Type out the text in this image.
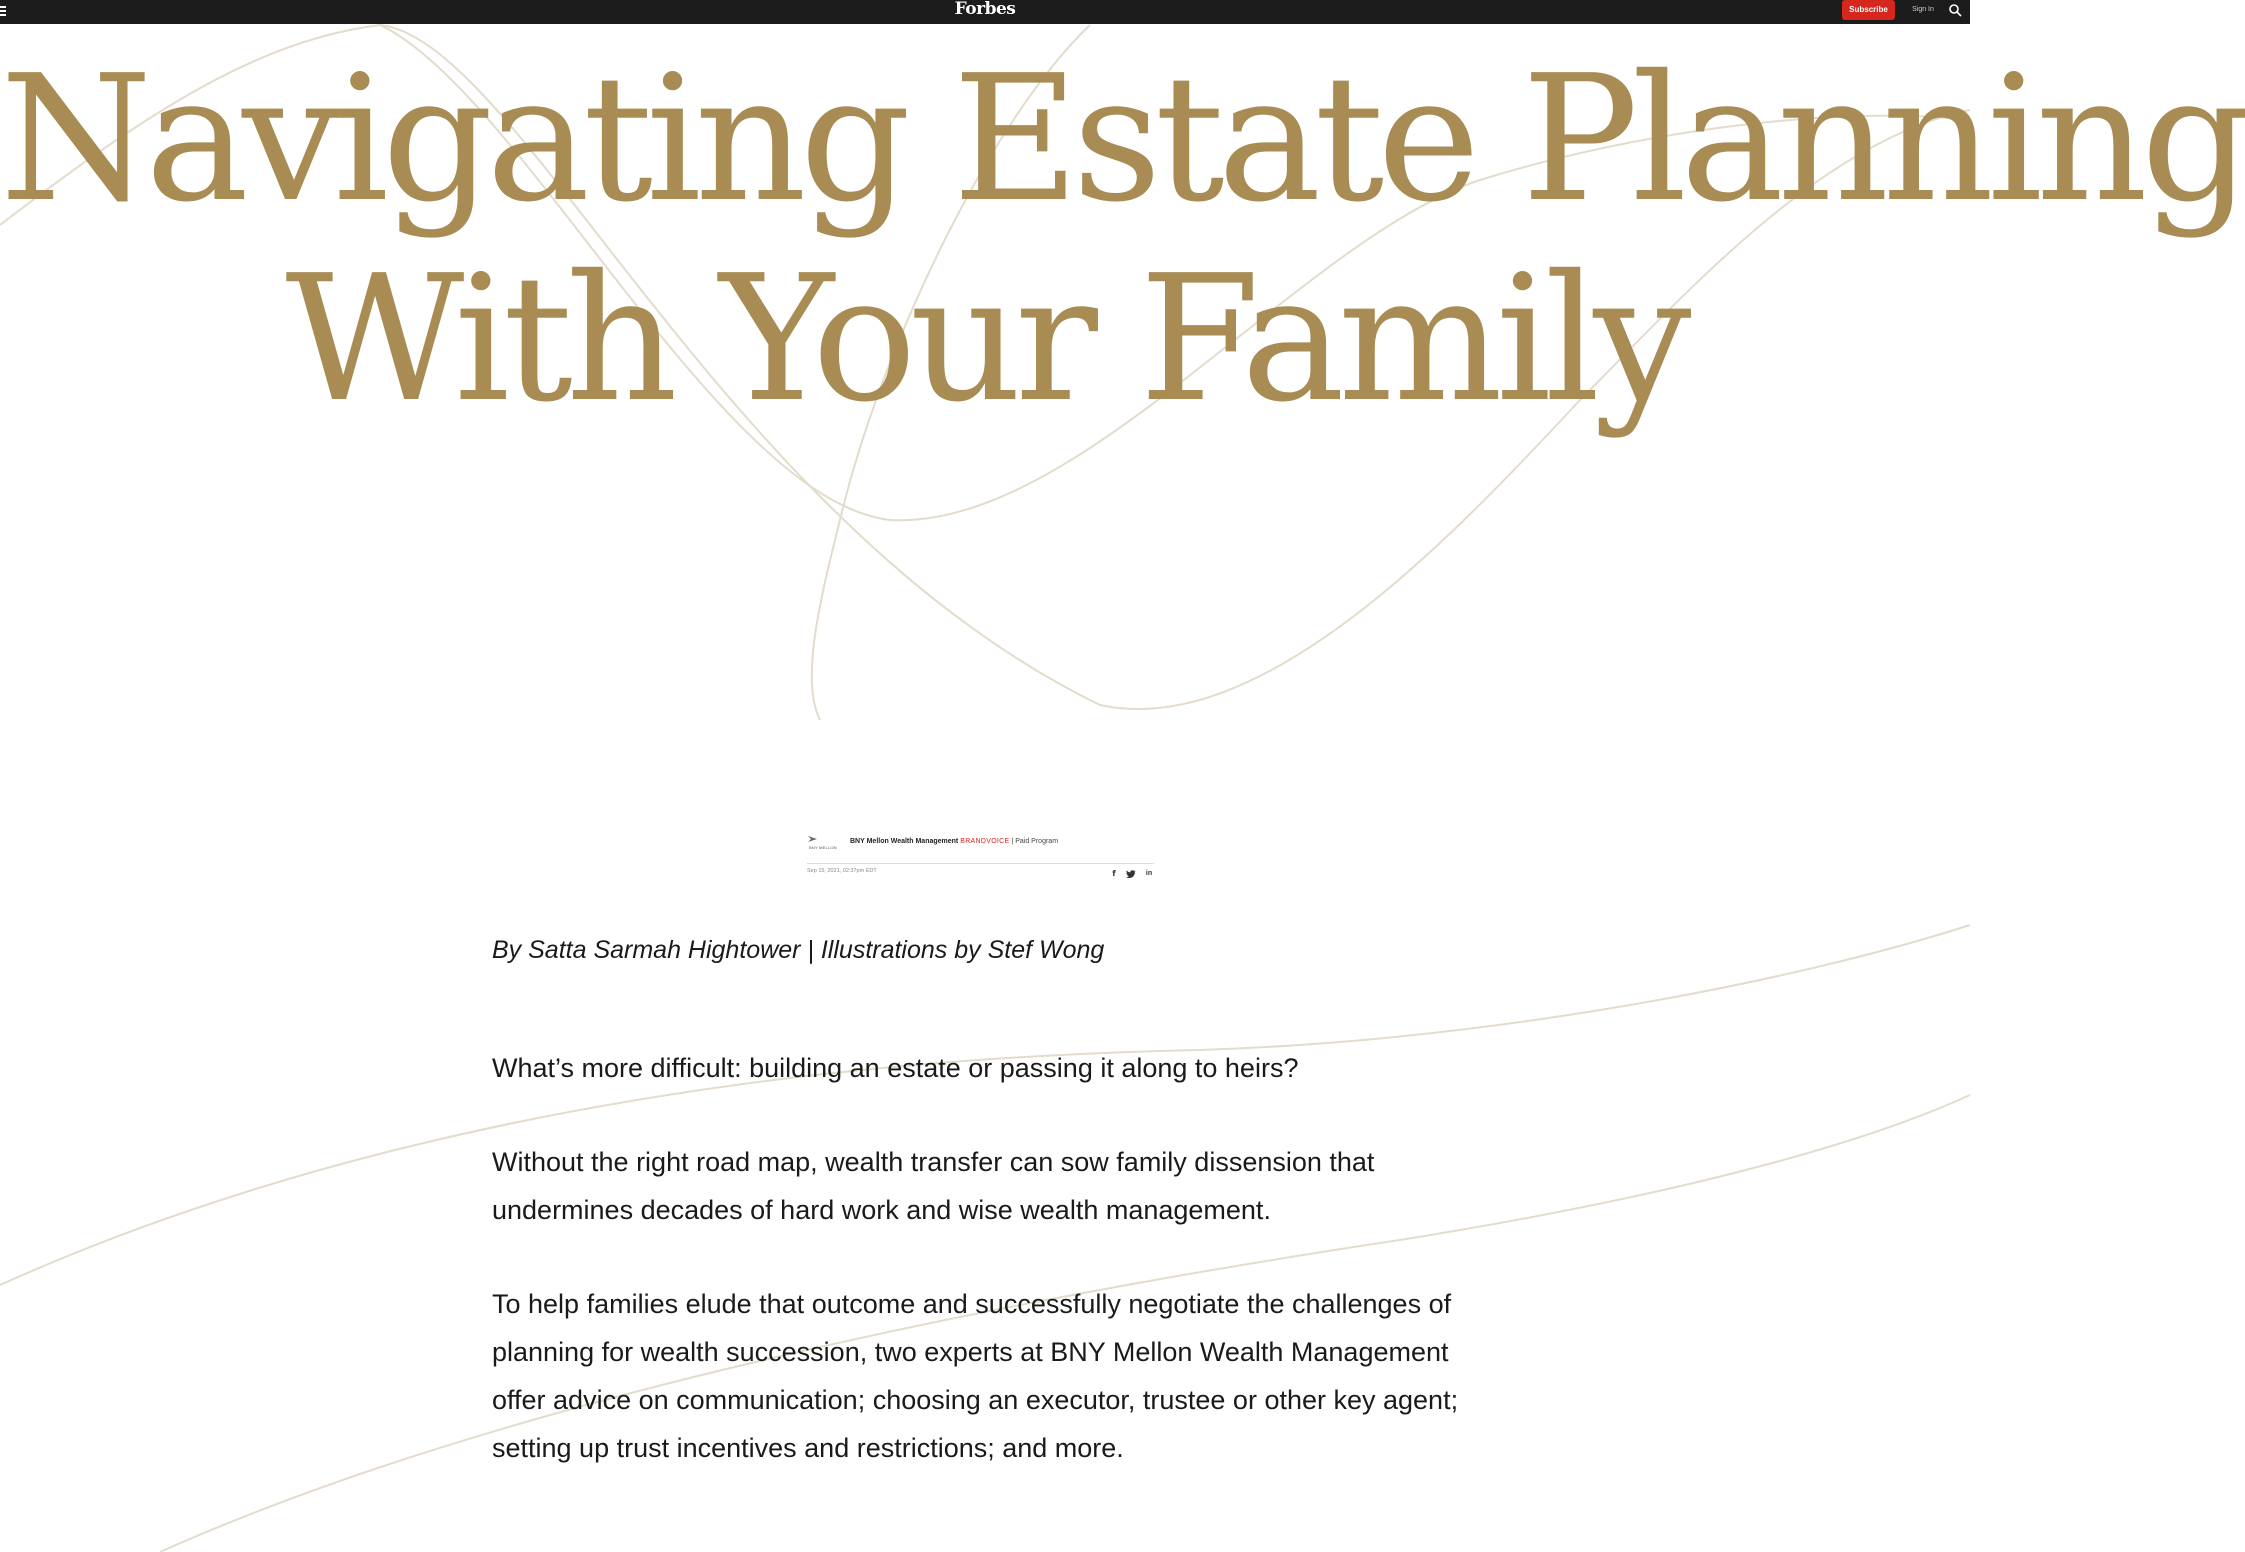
Forbes	Subscribe	Sign In
Navigating Estate Planning
With Your Family
BNY MELLON
BNY Mellon Wealth Management BRANDVOICE | Paid Program
Sep 15, 2021, 02:37pm EDT	f	in

By Satta Sarmah Hightower | Illustrations by Stef Wong

What’s more difficult: building an estate or passing it along to heirs?

Without the right road map, wealth transfer can sow family dissension that undermines decades of hard work and wise wealth management.

To help families elude that outcome and successfully negotiate the challenges of planning for wealth succession, two experts at BNY Mellon Wealth Management offer advice on communication; choosing an executor, trustee or other key agent; setting up trust incentives and restrictions; and more.
